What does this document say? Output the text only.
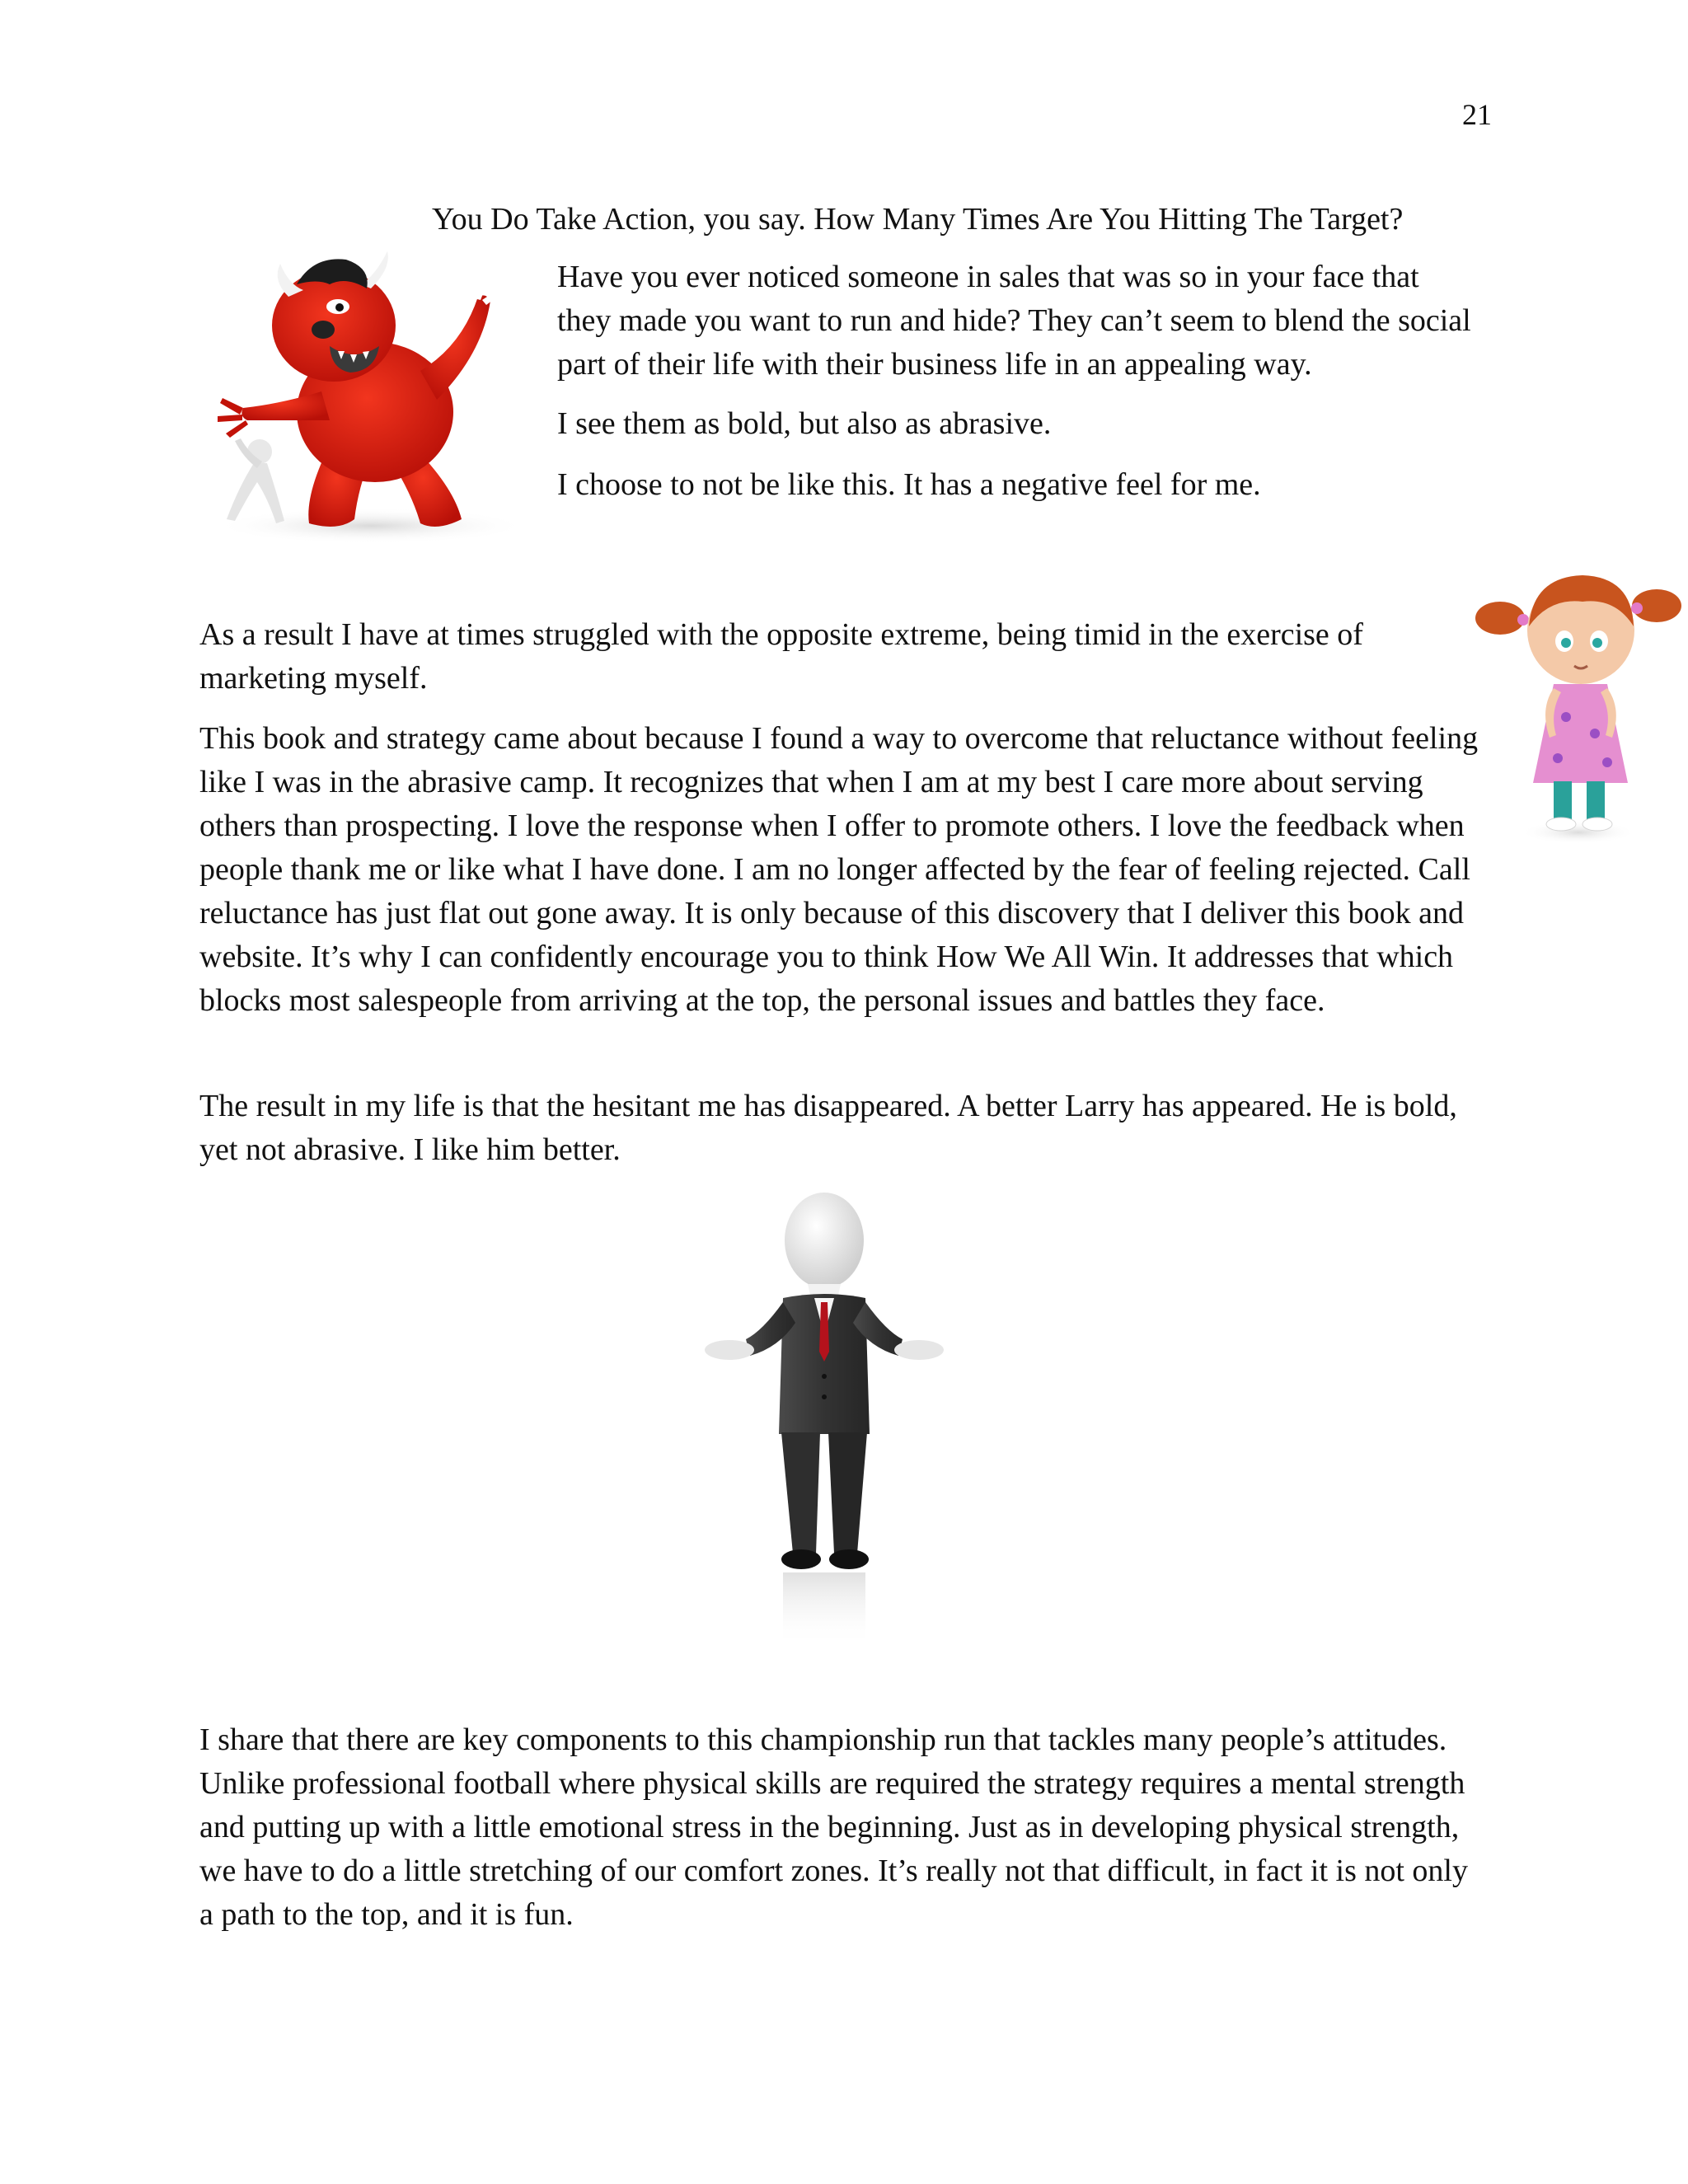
21
You Do Take Action, you say. How Many Times Are You Hitting The Target?

Have you ever noticed someone in sales that was so in your face that they made you want to run and hide? They can’t seem to blend the social part of their life with their business life in an appealing way.

I see them as bold, but also as abrasive.

I choose to not be like this. It has a negative feel for me.

As a result I have at times struggled with the opposite extreme, being timid in the exercise of marketing myself.

This book and strategy came about because I found a way to overcome that reluctance without feeling like I was in the abrasive camp. It recognizes that when I am at my best I care more about serving others than prospecting. I love the response when I offer to promote others. I love the feedback when people thank me or like what I have done. I am no longer affected by the fear of feeling rejected. Call reluctance has just flat out gone away. It is only because of this discovery that I deliver this book and website. It’s why I can confidently encourage you to think How We All Win. It addresses that which blocks most salespeople from arriving at the top, the personal issues and battles they face.

The result in my life is that the hesitant me has disappeared. A better Larry has appeared. He is bold, yet not abrasive. I like him better.

I share that there are key components to this championship run that tackles many people’s attitudes. Unlike professional football where physical skills are required the strategy requires a mental strength and putting up with a little emotional stress in the beginning. Just as in developing physical strength, we have to do a little stretching of our comfort zones. It’s really not that difficult, in fact it is not only a path to the top, and it is fun.
